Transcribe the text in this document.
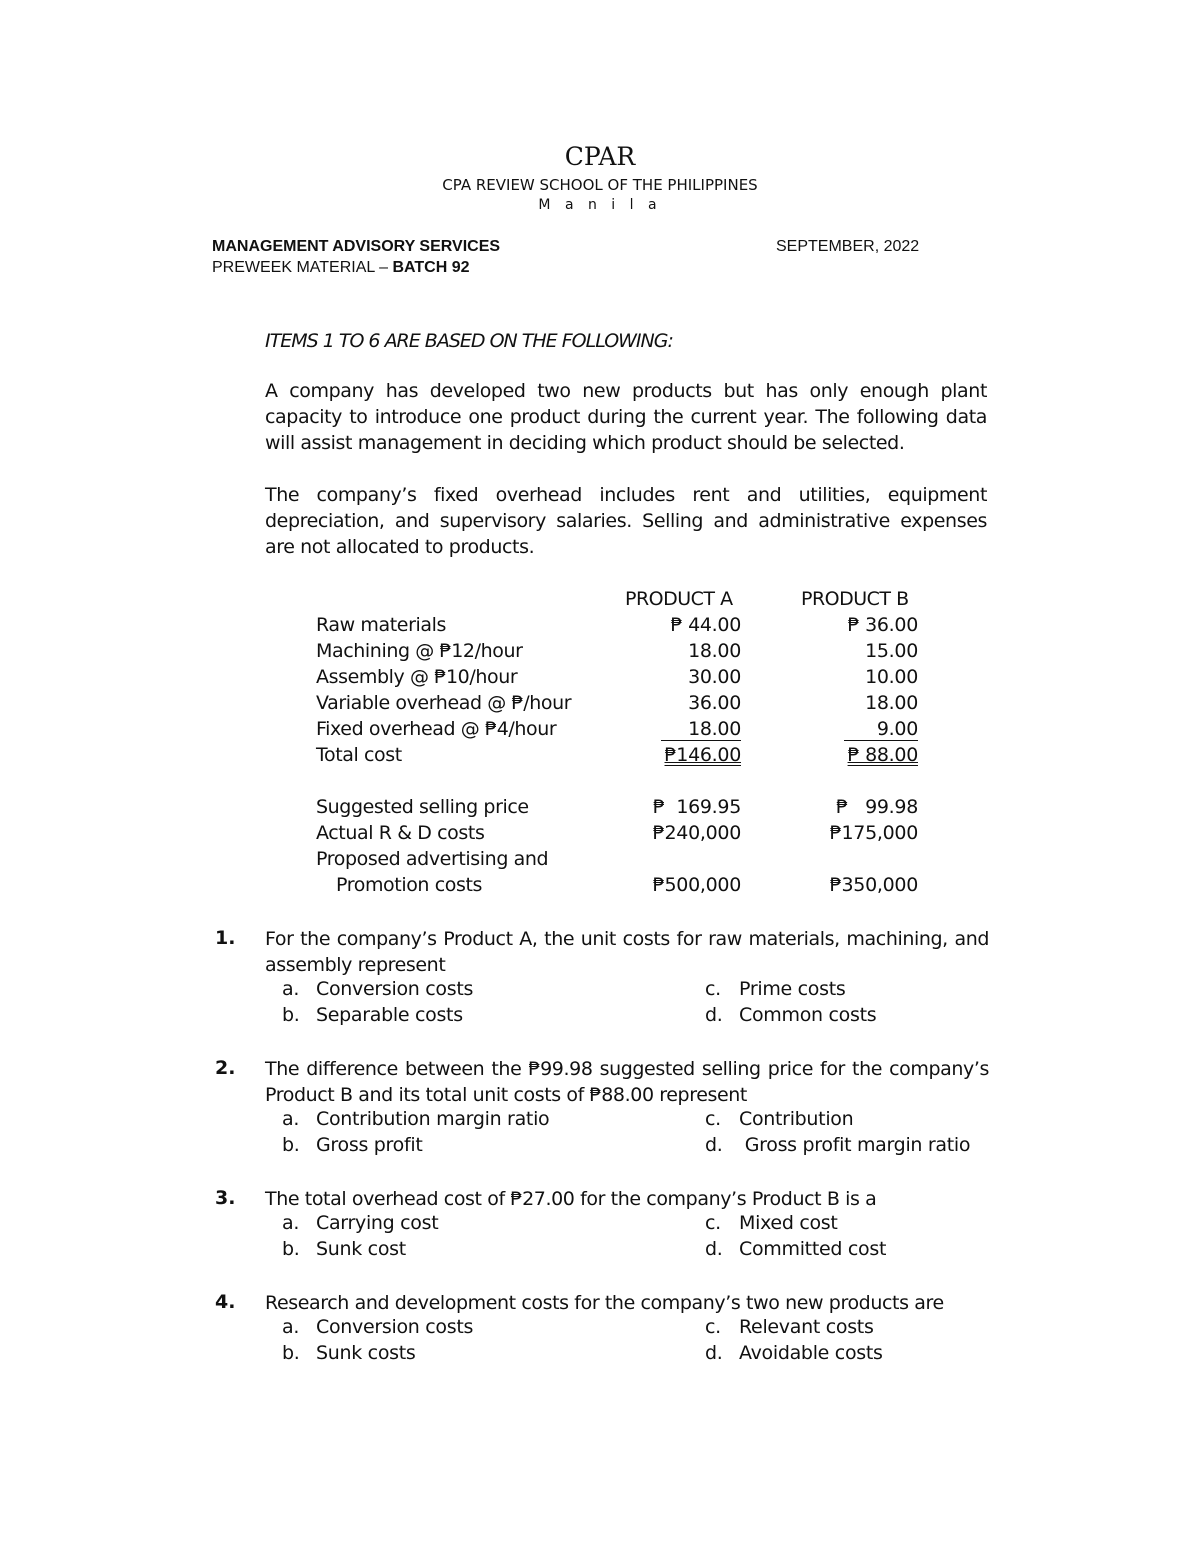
CPAR
CPA REVIEW SCHOOL OF THE PHILIPPINES
M a n i l a
MANAGEMENT ADVISORY SERVICES	SEPTEMBER, 2022
PREWEEK MATERIAL – BATCH 92
ITEMS 1 TO 6 ARE BASED ON THE FOLLOWING:
A company has developed two new products but has only enough plant capacity to introduce one product during the current year. The following data will assist management in deciding which product should be selected.
The company’s fixed overhead includes rent and utilities, equipment depreciation, and supervisory salaries. Selling and administrative expenses are not allocated to products.
PRODUCT A	PRODUCT B
Raw materials	₱ 44.00	₱ 36.00
Machining @ ₱12/hour	18.00	15.00
Assembly @ ₱10/hour	30.00	10.00
Variable overhead @ ₱/hour	36.00	18.00
Fixed overhead @ ₱4/hour	18.00	9.00
Total cost	₱146.00	₱ 88.00
Suggested selling price	₱  169.95	₱   99.98
Actual R & D costs	₱240,000	₱175,000
Proposed advertising and
Promotion costs	₱500,000	₱350,000
1. For the company’s Product A, the unit costs for raw materials, machining, and assembly represent
a. Conversion costs
b. Separable costs
c. Prime costs
d. Common costs
2. The difference between the ₱99.98 suggested selling price for the company’s Product B and its total unit costs of ₱88.00 represent
a. Contribution margin ratio
b. Gross profit
c. Contribution
d. Gross profit margin ratio
3. The total overhead cost of ₱27.00 for the company’s Product B is a
a. Carrying cost
b. Sunk cost
c. Mixed cost
d. Committed cost
4. Research and development costs for the company’s two new products are
a. Conversion costs
b. Sunk costs
c. Relevant costs
d. Avoidable costs
